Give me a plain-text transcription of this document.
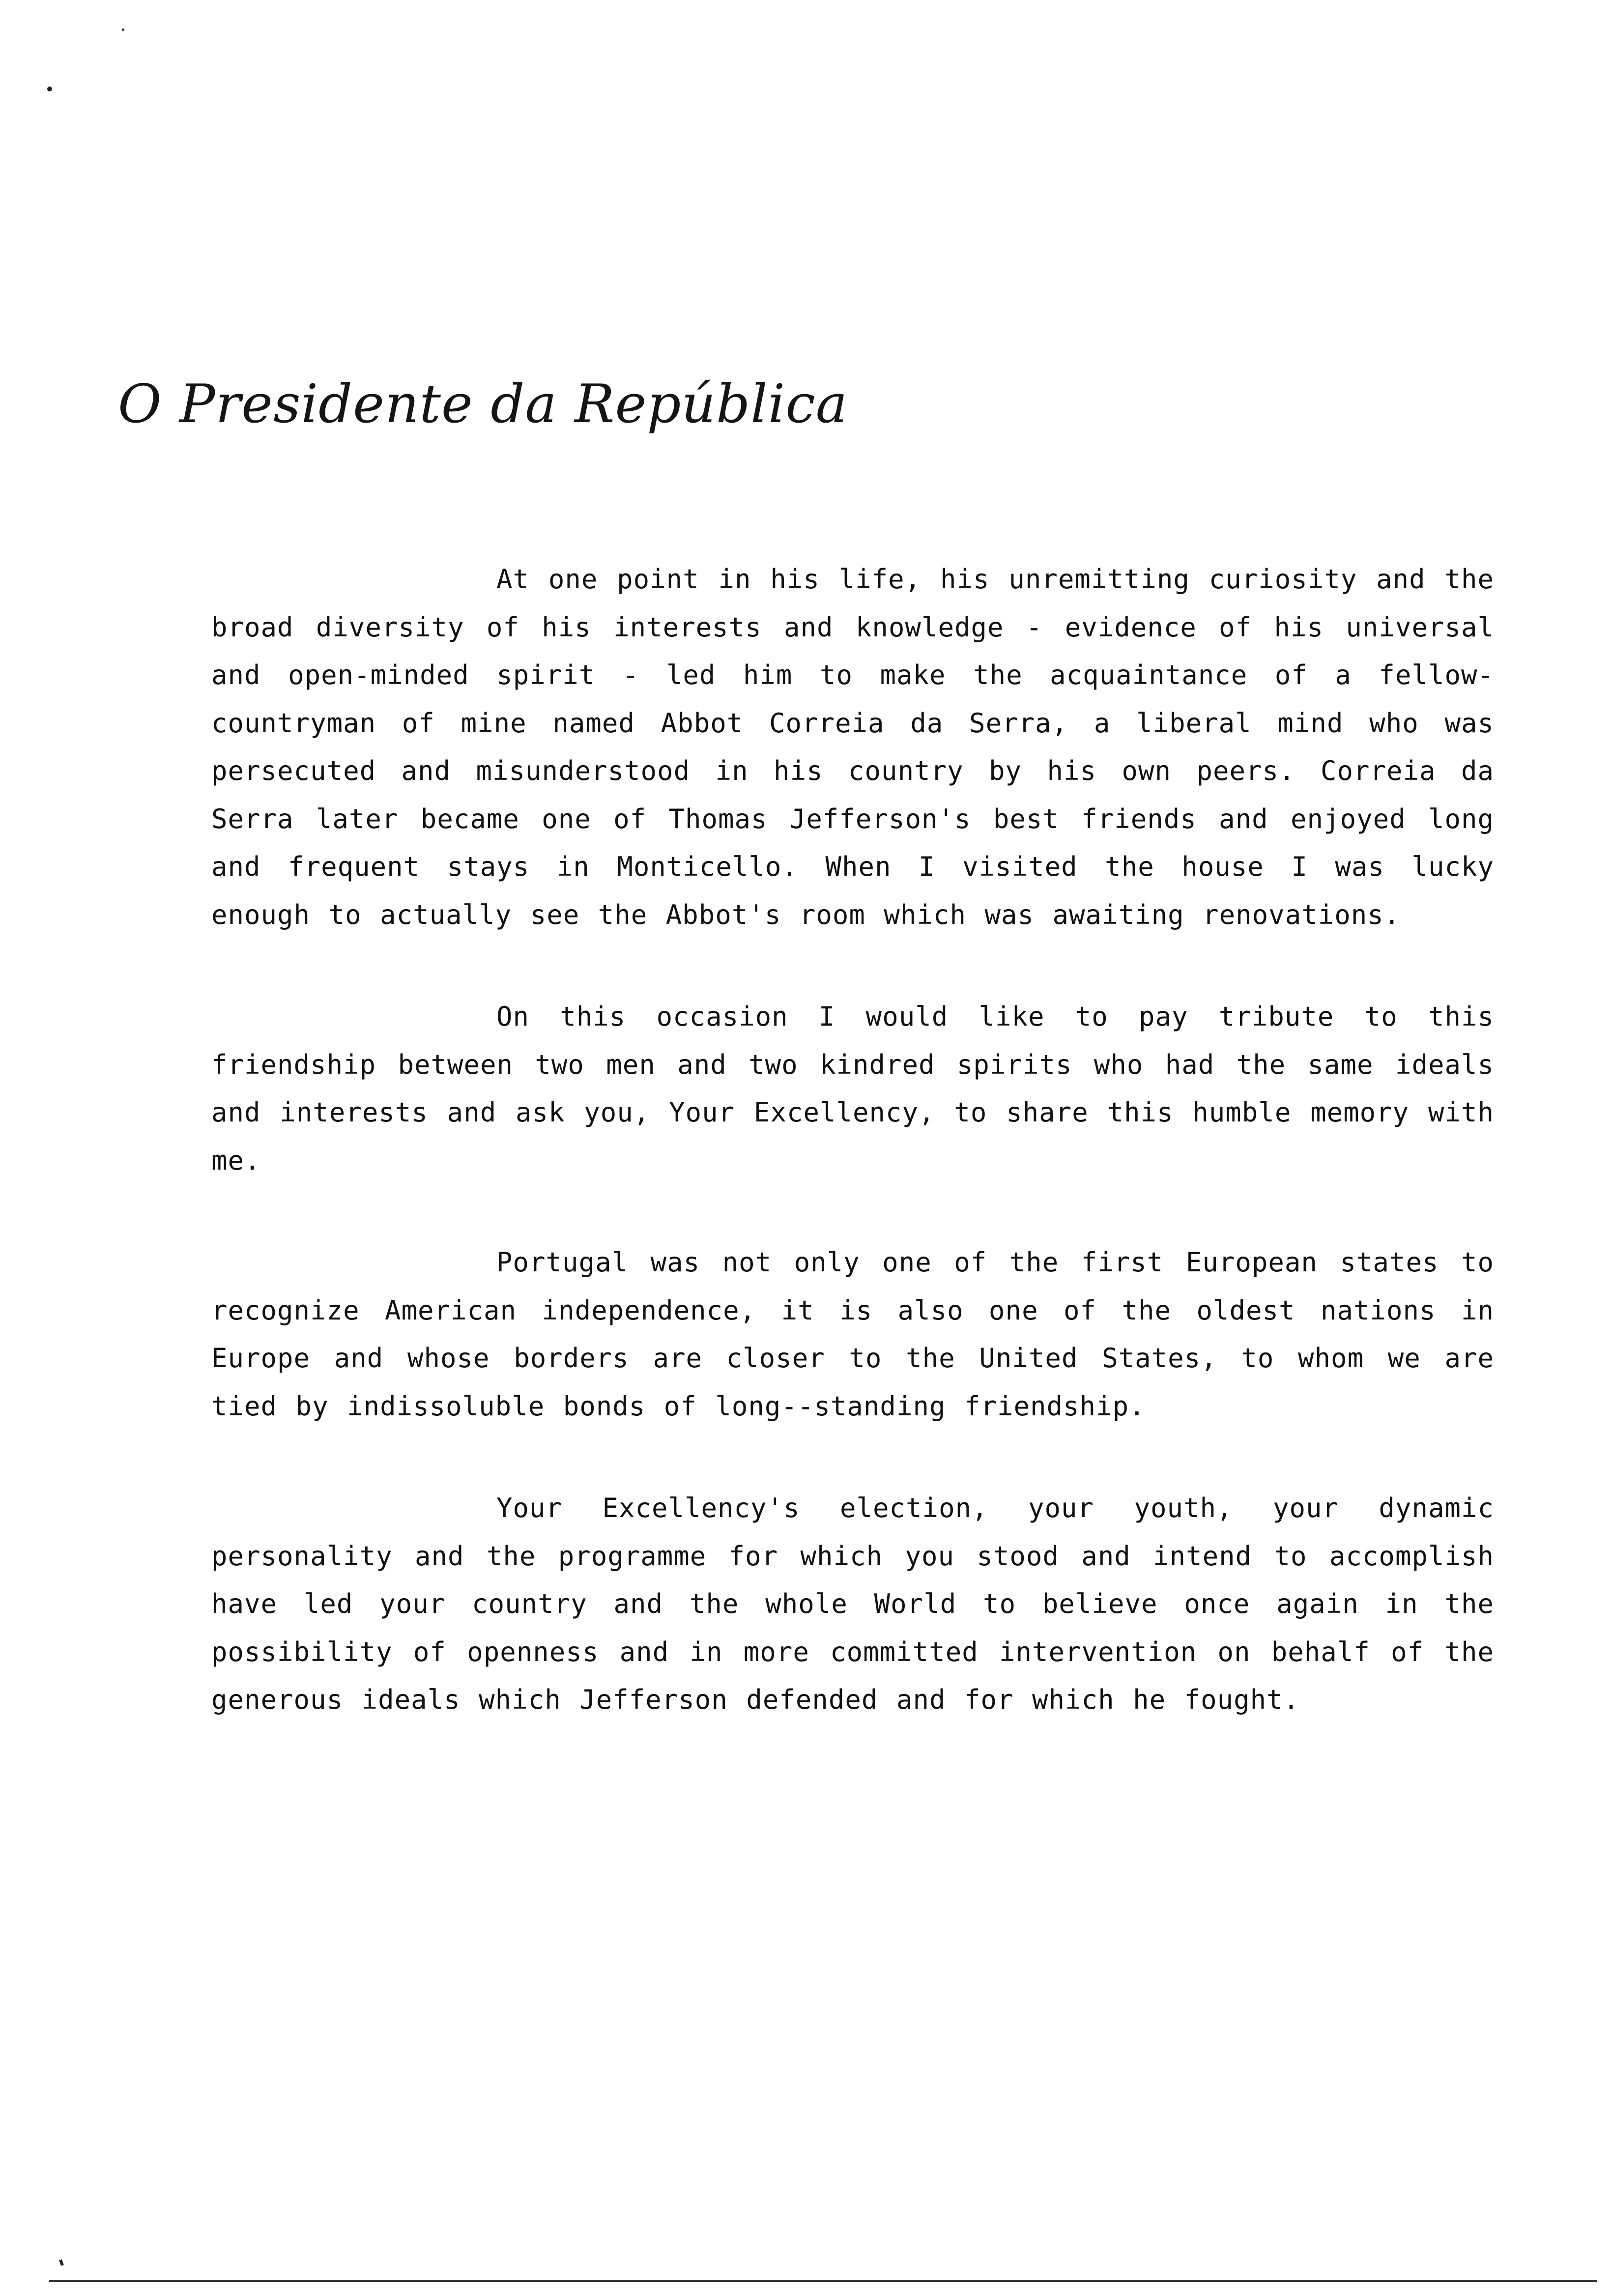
O Presidente da República

At one point in his life, his unremitting curiosity and the broad diversity of his interests and knowledge - evidence of his universal and open-minded spirit - led him to make the acquaintance of a fellow-countryman of mine named Abbot Correia da Serra, a liberal mind who was persecuted and misunderstood in his country by his own peers. Correia da Serra later became one of Thomas Jefferson's best friends and enjoyed long and frequent stays in Monticello. When I visited the house I was lucky enough to actually see the Abbot's room which was awaiting renovations.

On this occasion I would like to pay tribute to this friendship between two men and two kindred spirits who had the same ideals and interests and ask you, Your Excellency, to share this humble memory with me.

Portugal was not only one of the first European states to recognize American independence, it is also one of the oldest nations in Europe and whose borders are closer to the United States, to whom we are tied by indissoluble bonds of long--standing friendship.

Your Excellency's election, your youth, your dynamic personality and the programme for which you stood and intend to accomplish have led your country and the whole World to believe once again in the possibility of openness and in more committed intervention on behalf of the generous ideals which Jefferson defended and for which he fought.
